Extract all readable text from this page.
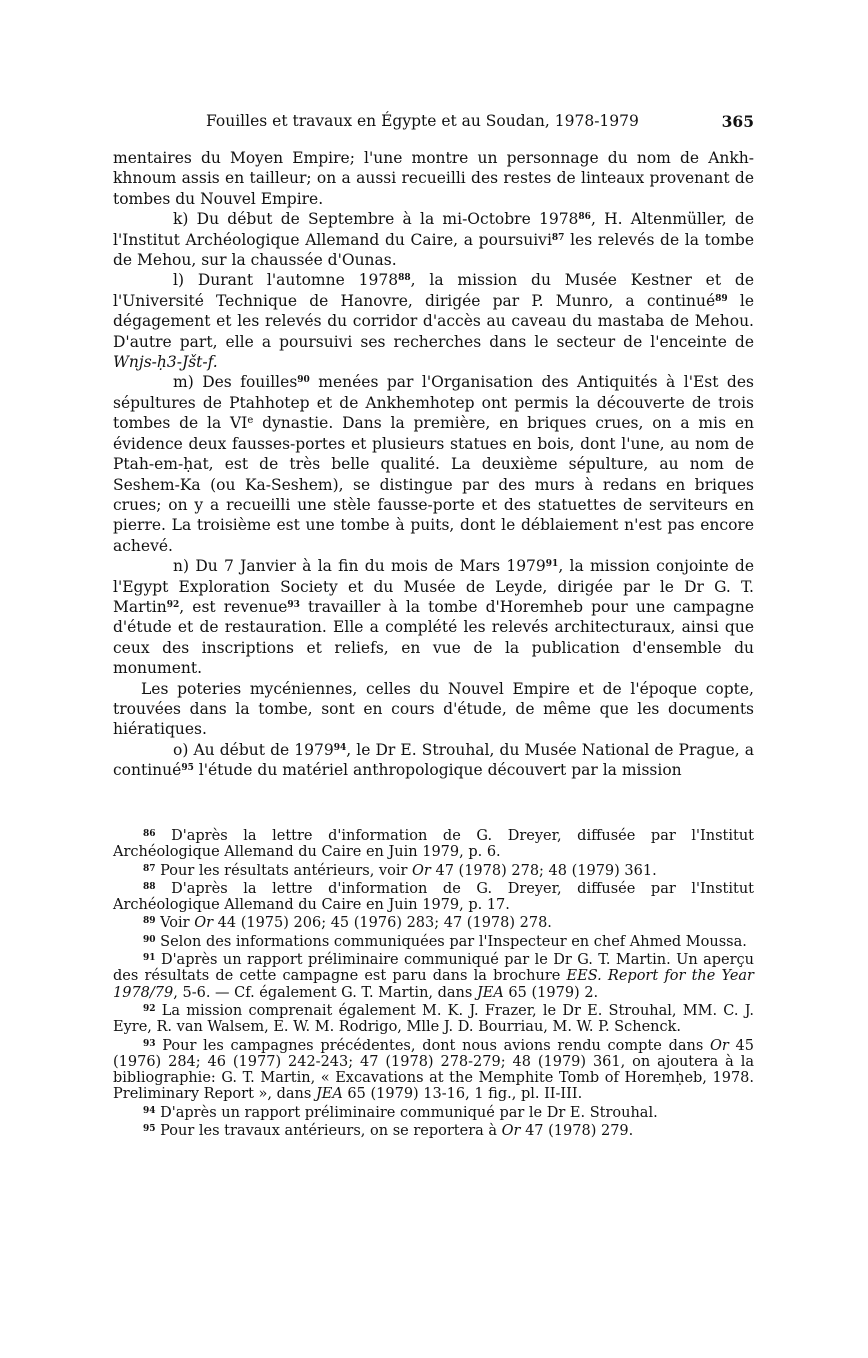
Fouilles et travaux en Égypte et au Soudan, 1978-1979	365

mentaires du Moyen Empire; l'une montre un personnage du nom de Ankh-khnoum assis en tailleur; on a aussi recueilli des restes de linteaux provenant de tombes du Nouvel Empire.

k) Du début de Septembre à la mi-Octobre 1978$^{86}$, H. Altenmüller, de l'Institut Archéologique Allemand du Caire, a poursuivi$^{87}$ les relevés de la tombe de Mehou, sur la chaussée d'Ounas.

l) Durant l'automne 1978$^{88}$, la mission du Musée Kestner et de l'Université Technique de Hanovre, dirigée par P. Munro, a continué$^{89}$ le dégagement et les relevés du corridor d'accès au caveau du mastaba de Mehou. D'autre part, elle a poursuivi ses recherches dans le secteur de l'enceinte de Wnjs-ḥ3-Jšt-f.

m) Des fouilles$^{90}$ menées par l'Organisation des Antiquités à l'Est des sépultures de Ptahhotep et de Ankhemhotep ont permis la découverte de trois tombes de la VIe dynastie. Dans la première, en briques crues, on a mis en évidence deux fausses-portes et plusieurs statues en bois, dont l'une, au nom de Ptah-em-ḥat, est de très belle qualité. La deuxième sépulture, au nom de Seshem-Ka (ou Ka-Seshem), se distingue par des murs à redans en briques crues; on y a recueilli une stèle fausse-porte et des statuettes de serviteurs en pierre. La troisième est une tombe à puits, dont le déblaiement n'est pas encore achevé.

n) Du 7 Janvier à la fin du mois de Mars 1979$^{91}$, la mission conjointe de l'Egypt Exploration Society et du Musée de Leyde, dirigée par le Dr G. T. Martin$^{92}$, est revenue$^{93}$ travailler à la tombe d'Horemheb pour une campagne d'étude et de restauration. Elle a complété les relevés architecturaux, ainsi que ceux des inscriptions et reliefs, en vue de la publication d'ensemble du monument.

Les poteries mycéniennes, celles du Nouvel Empire et de l'époque copte, trouvées dans la tombe, sont en cours d'étude, de même que les documents hiératiques.

o) Au début de 1979$^{94}$, le Dr E. Strouhal, du Musée National de Prague, a continué$^{95}$ l'étude du matériel anthropologique découvert par la mission

$^{86}$ D'après la lettre d'information de G. Dreyer, diffusée par l'Institut Archéologique Allemand du Caire en Juin 1979, p. 6.

$^{87}$ Pour les résultats antérieurs, voir Or 47 (1978) 278; 48 (1979) 361.

$^{88}$ D'après la lettre d'information de G. Dreyer, diffusée par l'Institut Archéologique Allemand du Caire en Juin 1979, p. 17.

$^{89}$ Voir Or 44 (1975) 206; 45 (1976) 283; 47 (1978) 278.

$^{90}$ Selon des informations communiquées par l'Inspecteur en chef Ahmed Moussa.

$^{91}$ D'après un rapport préliminaire communiqué par le Dr G. T. Martin. Un aperçu des résultats de cette campagne est paru dans la brochure EES. Report for the Year 1978/79, 5-6. — Cf. également G. T. Martin, dans JEA 65 (1979) 2.

$^{92}$ La mission comprenait également M. K. J. Frazer, le Dr E. Strouhal, MM. C. J. Eyre, R. van Walsem, E. W. M. Rodrigo, Mlle J. D. Bourriau, M. W. P. Schenck.

$^{93}$ Pour les campagnes précédentes, dont nous avions rendu compte dans Or 45 (1976) 284; 46 (1977) 242-243; 47 (1978) 278-279; 48 (1979) 361, on ajoutera à la bibliographie: G. T. Martin, « Excavations at the Memphite Tomb of Horemḥeb, 1978. Preliminary Report », dans JEA 65 (1979) 13-16, 1 fig., pl. II-III.

$^{94}$ D'après un rapport préliminaire communiqué par le Dr E. Strouhal.

$^{95}$ Pour les travaux antérieurs, on se reportera à Or 47 (1978) 279.
